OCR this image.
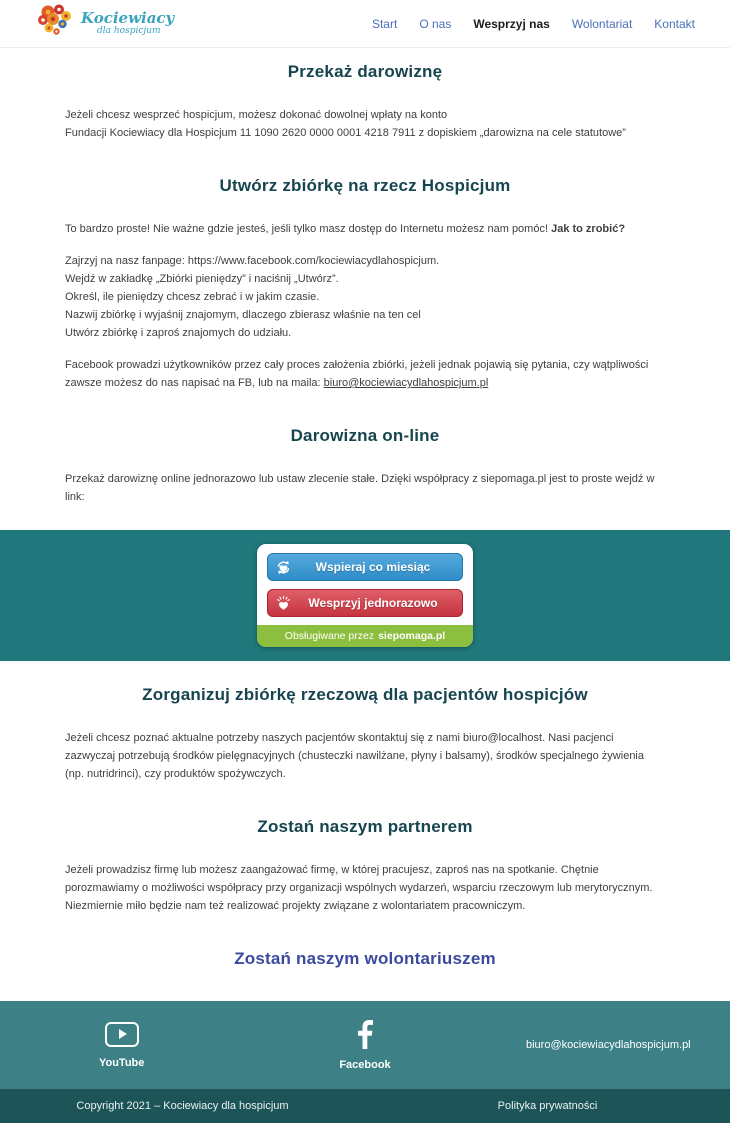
Kociewiacy
dla hospicjum
Start O nas Wesprzyj nas Wolontariat Kontakt
Przekaż darowiznę
Jeżeli chcesz wesprzeć hospicjum, możesz dokonać dowolnej wpłaty na konto
Fundacji Kociewiacy dla Hospicjum 11 1090 2620 0000 0001 4218 7911 z dopiskiem „darowizna na cele statutowe”
Utwórz zbiórkę na rzecz Hospicjum

To bardzo proste! Nie ważne gdzie jesteś, jeśli tylko masz dostęp do Internetu możesz nam pomóc! Jak to zrobić?

Zajrzyj na nasz fanpage: https://www.facebook.com/kociewiacydlahospicjum.
Wejdź w zakładkę „Zbiórki pieniędzy” i naciśnij „Utwórz”.
Określ, ile pieniędzy chcesz zebrać i w jakim czasie.
Nazwij zbiórkę i wyjaśnij znajomym, dlaczego zbierasz właśnie na ten cel
Utwórz zbiórkę i zaproś znajomych do udziału.

Facebook prowadzi użytkowników przez cały proces założenia zbiórki, jeżeli jednak pojawią się pytania, czy wątpliwości zawsze możesz do nas napisać na FB, lub na maila: biuro@kociewiacydlahospicjum.pl

Darowizna on-line

Przekaż darowiznę online jednorazowo lub ustaw zlecenie stałe. Dzięki współpracy z siepomaga.pl jest to proste wejdź w link:

Wspieraj co miesiąc
Wesprzyj jednorazowo
Obsługiwane przez siepomaga.pl
Zorganizuj zbiórkę rzeczową dla pacjentów hospicjów

Jeżeli chcesz poznać aktualne potrzeby naszych pacjentów skontaktuj się z nami biuro@localhost. Nasi pacjenci zazwyczaj potrzebują środków pielęgnacyjnych (chusteczki nawilżane, płyny i balsamy), środków specjalnego żywienia (np. nutridrinci), czy produktów spożywczych.

Zostań naszym partnerem

Jeżeli prowadzisz firmę lub możesz zaangażować firmę, w której pracujesz, zaproś nas na spotkanie. Chętnie porozmawiamy o możliwości współpracy przy organizacji wspólnych wydarzeń, wsparciu rzeczowym lub merytorycznym. Niezmiernie miło będzie nam też realizować projekty związane z wolontariatem pracowniczym.

Zostań naszym wolontariuszem
YouTube	Facebook
biuro@kociewiacydlahospicjum.pl
Copyright 2021 – Kociewiacy dla hospicjum	Polityka prywatności
